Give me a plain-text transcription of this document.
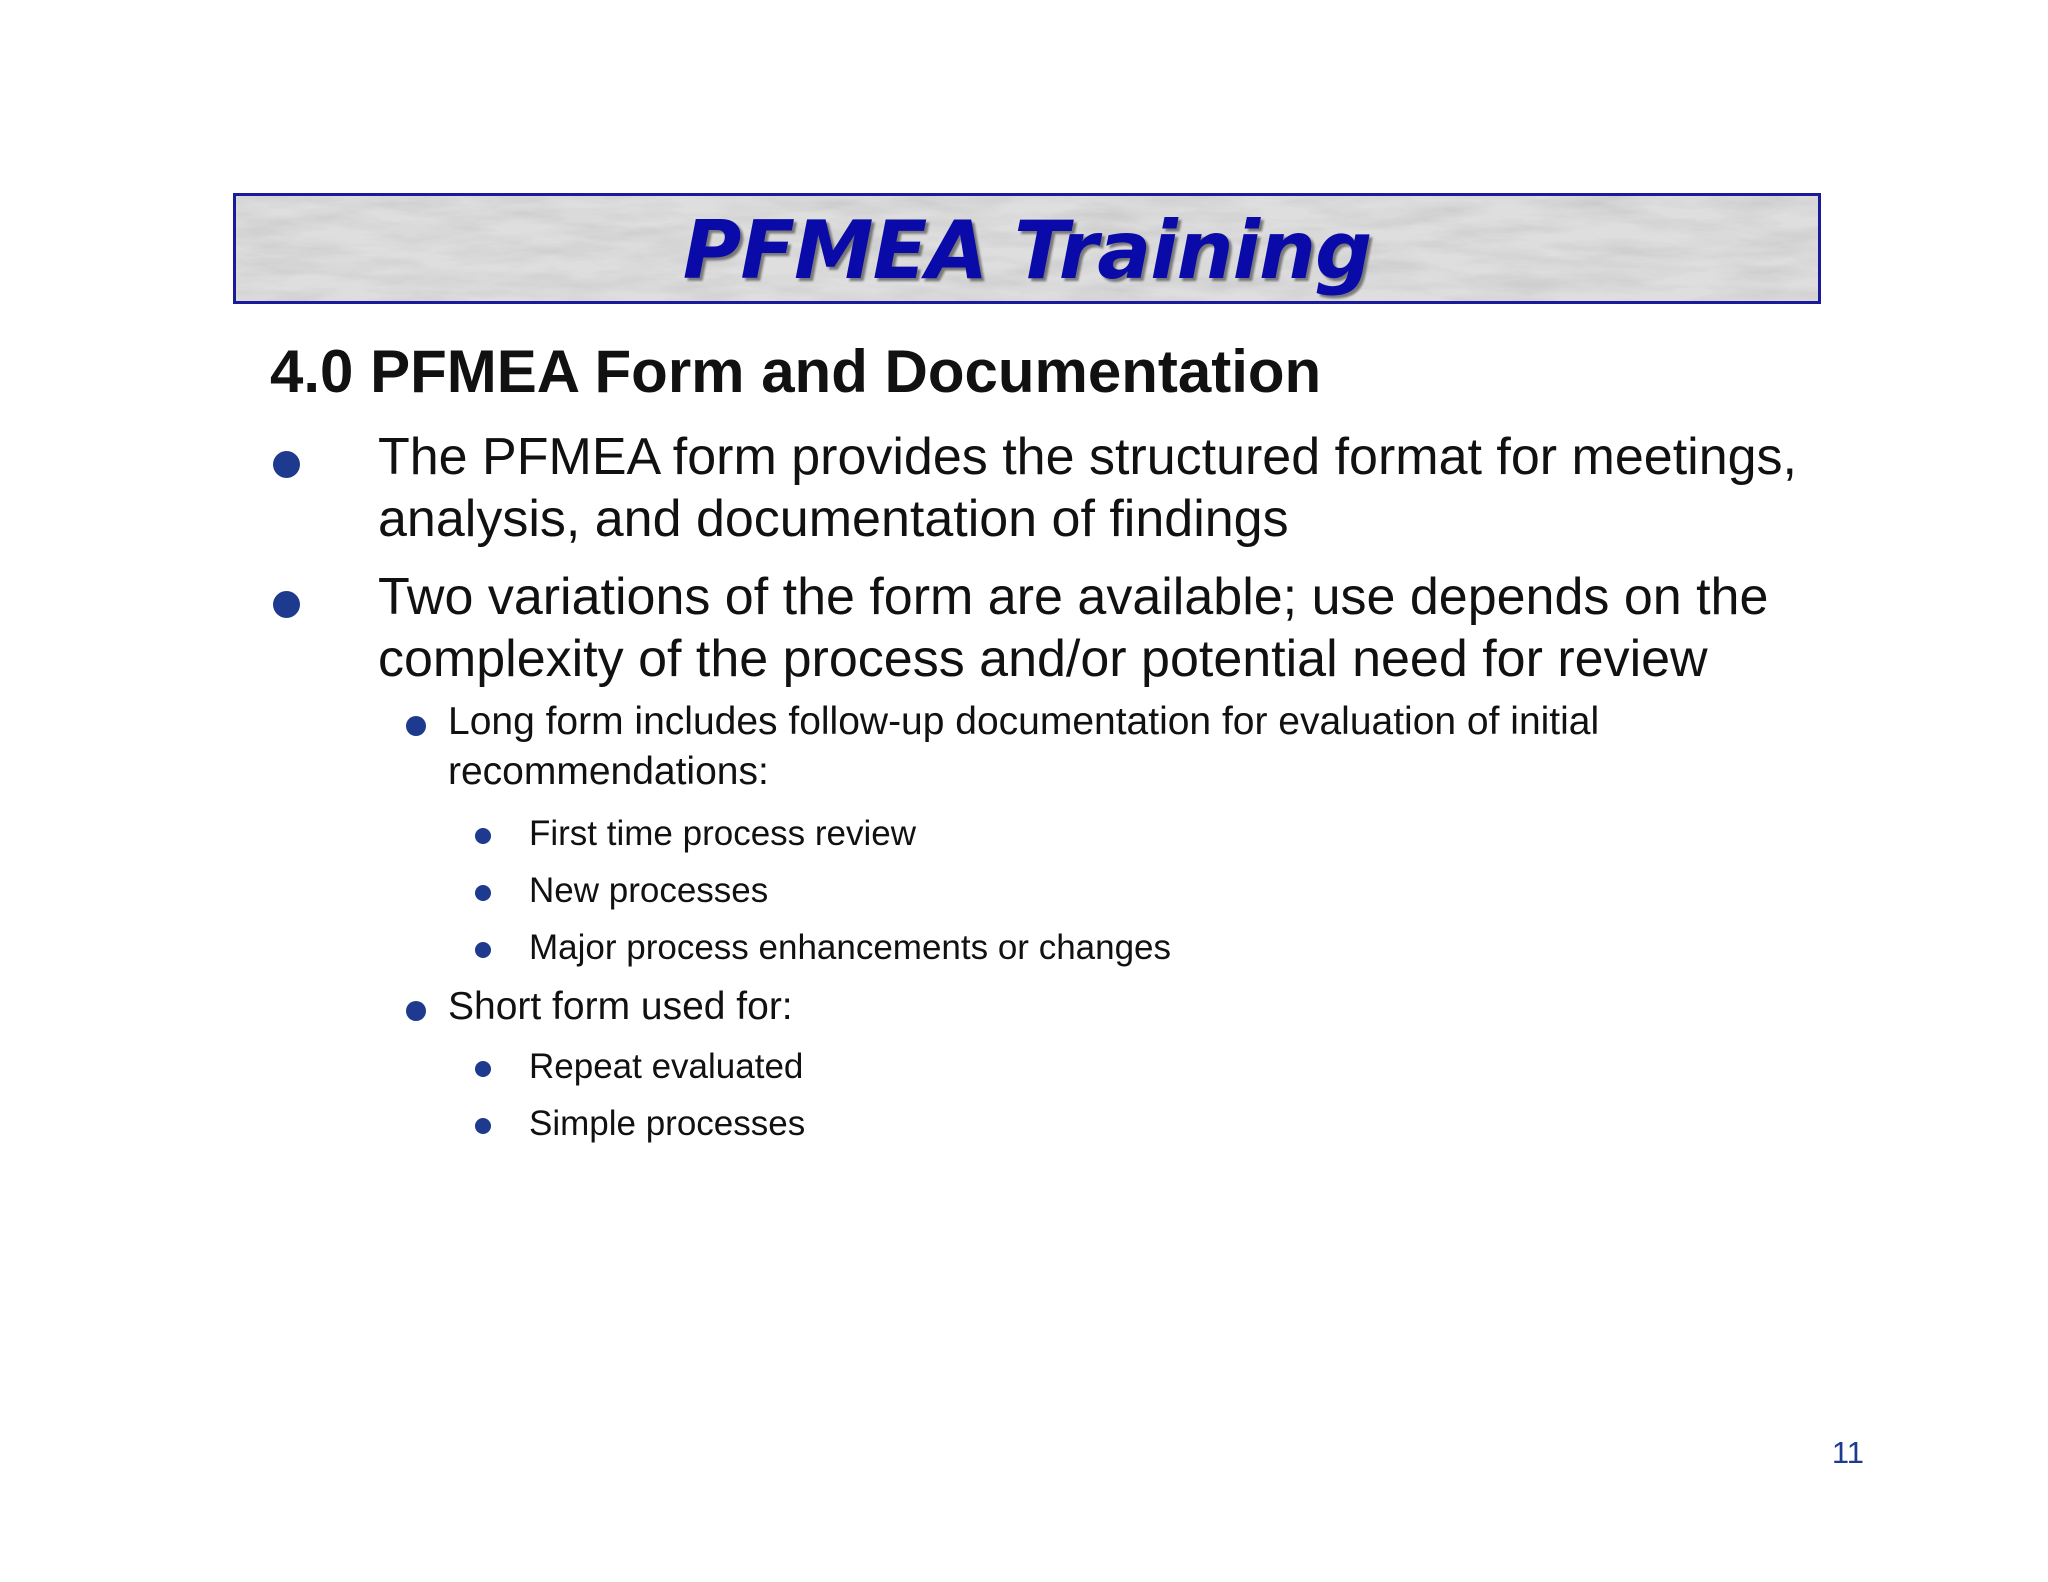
PFMEA Training
4.0 PFMEA Form and Documentation
The PFMEA form provides the structured format for meetings, analysis, and documentation of findings
Two variations of the form are available; use depends on the complexity of the process and/or potential need for review
Long form includes follow-up documentation for evaluation of initial recommendations:
First time process review
New processes
Major process enhancements or changes
Short form used for:
Repeat evaluated
Simple processes
11
